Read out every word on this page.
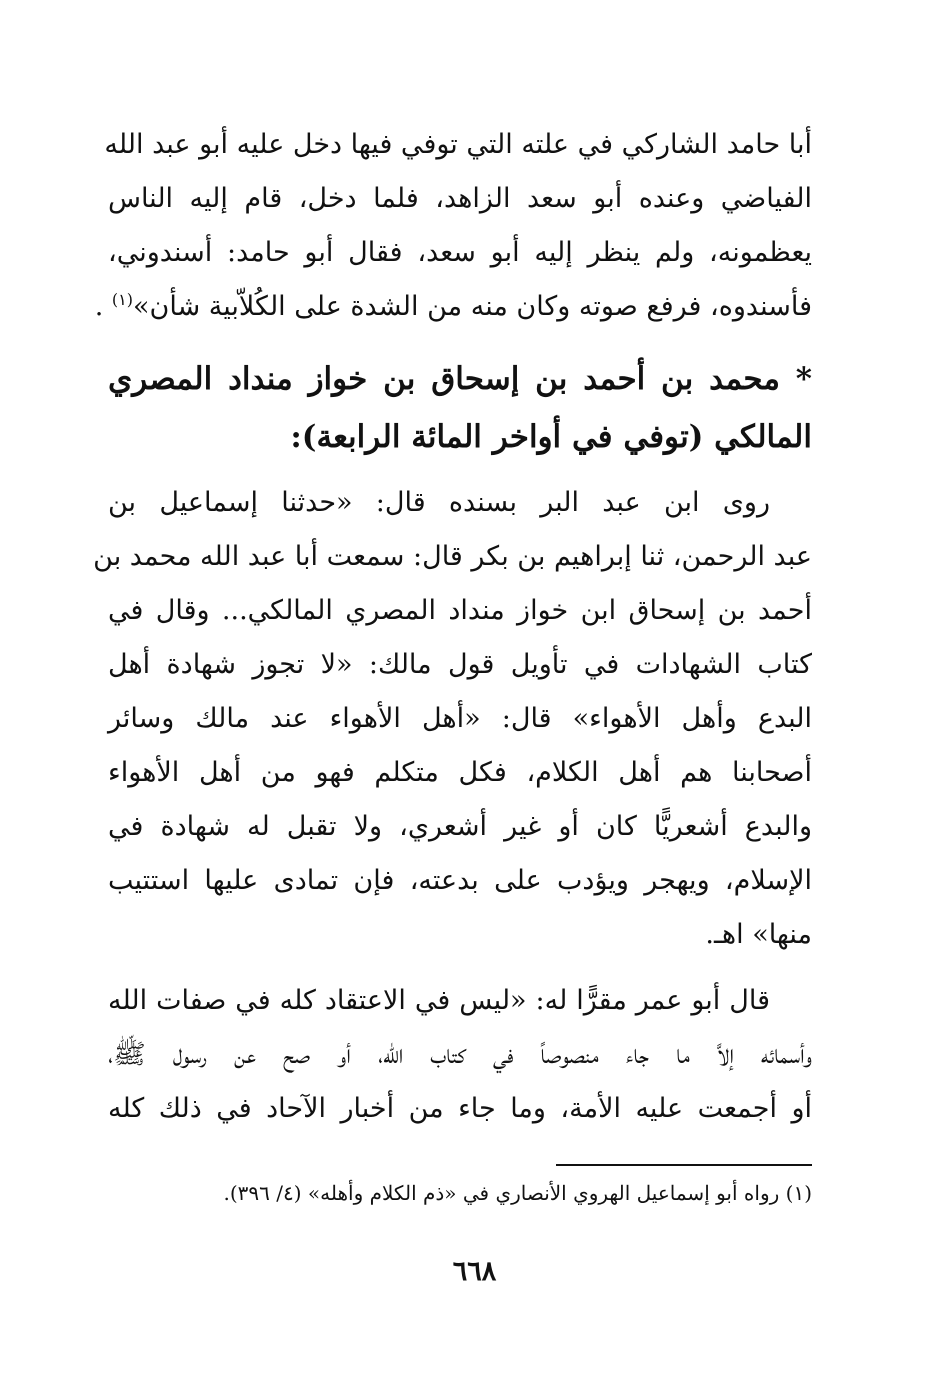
أبا حامد الشاركي في علته التي توفي فيها دخل عليه أبو عبد الله
الفياضي وعنده أبو سعد الزاهد، فلما دخل، قام إليه الناس
يعظمونه، ولم ينظر إليه أبو سعد، فقال أبو حامد: أسندوني،
فأسندوه، فرفع صوته وكان منه من الشدة على الكُلاّبية شأن»$^{(١)}$ .
* محمد بن أحمد بن إسحاق بن خواز منداد المصري
المالكي (توفي في أواخر المائة الرابعة):
روى ابن عبد البر بسنده قال: «حدثنا إسماعيل بن
عبد الرحمن، ثنا إبراهيم بن بكر قال: سمعت أبا عبد الله محمد بن
أحمد بن إسحاق ابن خواز منداد المصري المالكي... وقال في
كتاب الشهادات في تأويل قول مالك: «لا تجوز شهادة أهل
البدع وأهل الأهواء» قال: «أهل الأهواء عند مالك وسائر
أصحابنا هم أهل الكلام، فكل متكلم فهو من أهل الأهواء
والبدع أشعريًّا كان أو غير أشعري، ولا تقبل له شهادة في
الإسلام، ويهجر ويؤدب على بدعته، فإن تمادى عليها استتيب
منها» اهـ.
قال أبو عمر مقرًّا له: «ليس في الاعتقاد كله في صفات الله
وأسمائه إلاَّ ما جاء منصوصاً في كتاب الله، أو صح عن رسول ﷺ،
أو أجمعت عليه الأمة، وما جاء من أخبار الآحاد في ذلك كله
(١) رواه أبو إسماعيل الهروي الأنصاري في «ذم الكلام وأهله» (٤/ ٣٩٦).
٦٦٨
